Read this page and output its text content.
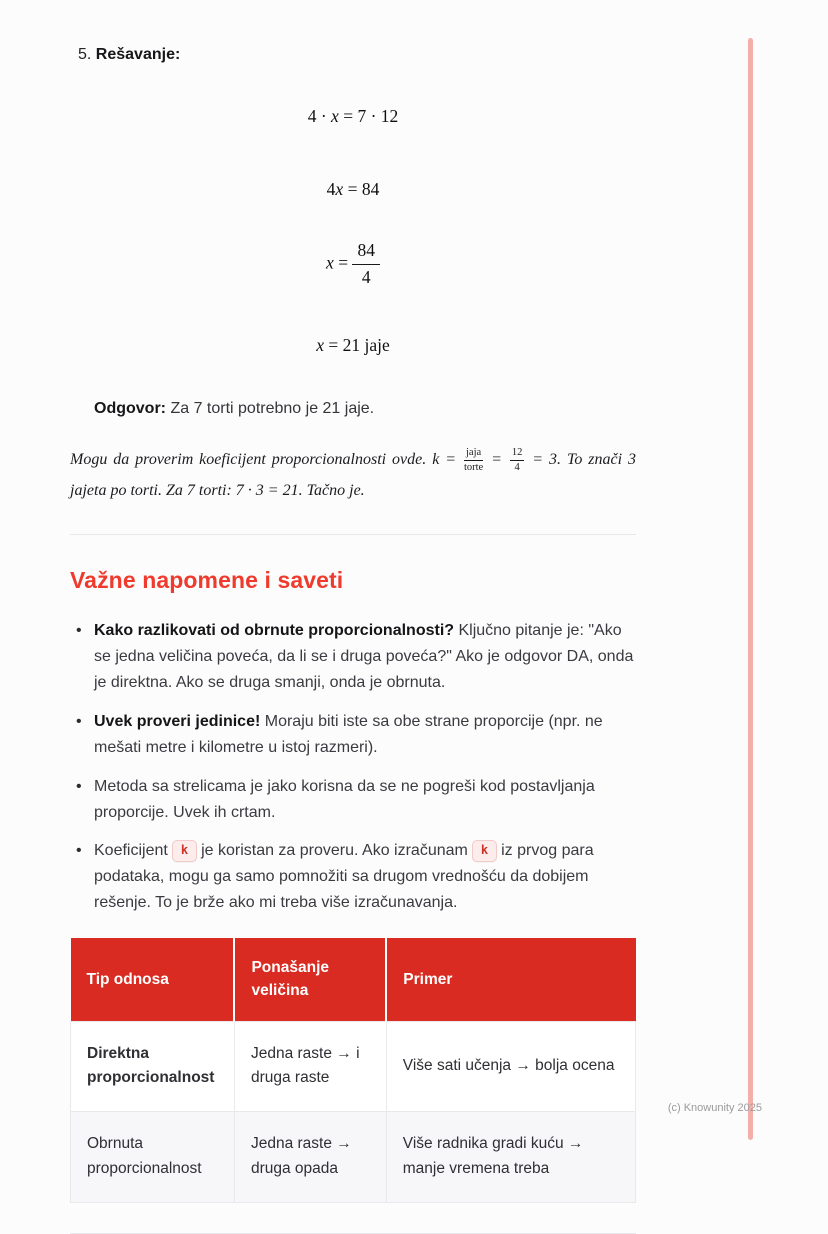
5. Rešavanje:

4 · x = 7 · 12
4x = 84
$x = \frac{84}{4}$
x = 21 jaje

Odgovor: Za 7 torti potrebno je 21 jaje.

Mogu da proverim koeficijent proporcionalnosti ovde. $k = \frac{\text{jaja}}{\text{torte}} = \frac{12}{4} = 3$. To znači 3 jajeta po torti. Za 7 torti: 7 · 3 = 21. Tačno je.

Važne napomene i saveti
• Kako razlikovati od obrnute proporcionalnosti? Ključno pitanje je: "Ako se jedna veličina poveća, da li se i druga poveća?" Ako je odgovor DA, onda je direktna. Ako se druga smanji, onda je obrnuta.
• Uvek proveri jedinice! Moraju biti iste sa obe strane proporcije (npr. ne mešati metre i kilometre u istoj razmeri).
• Metoda sa strelicama je jako korisna da se ne pogreši kod postavljanja proporcije. Uvek ih crtam.
• Koeficijent k je koristan za proveru. Ako izračunam k iz prvog para podataka, mogu ga samo pomnožiti sa drugom vrednošću da dobijem rešenje. To je brže ako mi treba više izračunavanja.
Tip odnosa	Ponašanje veličina	Primer
Direktna proporcionalnost	Jedna raste → i druga raste	Više sati učenja → bolja ocena
Obrnuta proporcionalnost	Jedna raste → druga opada	Više radnika gradi kuću → manje vremena treba
(c) Knowunity 2025
